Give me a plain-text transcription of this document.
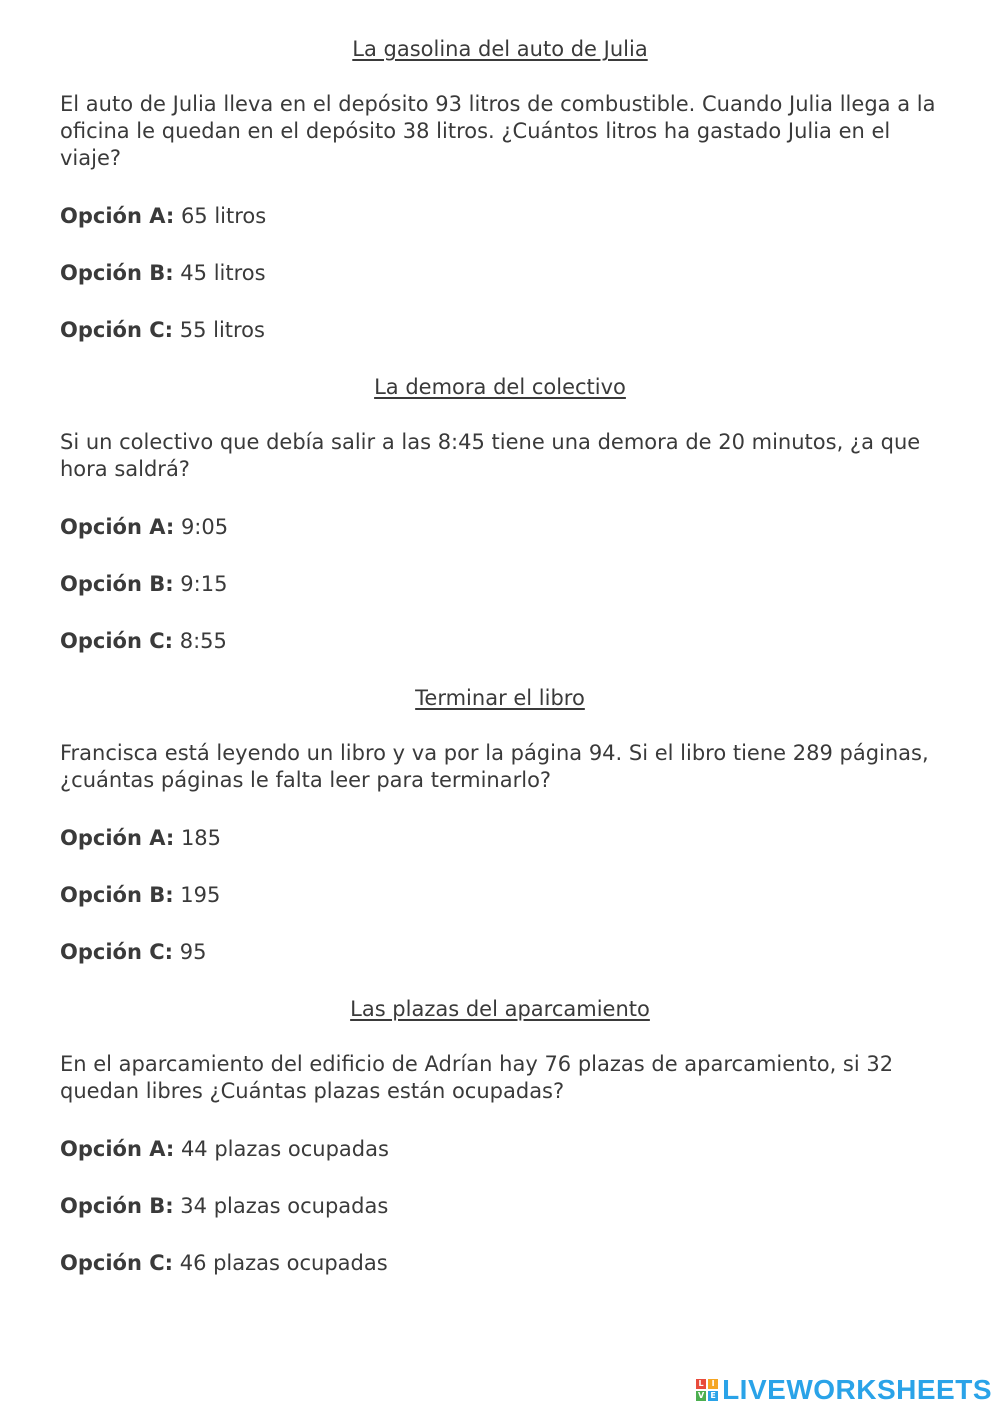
La gasolina del auto de Julia
El auto de Julia lleva en el depósito 93 litros de combustible. Cuando Julia llega a la oficina le quedan en el depósito 38 litros. ¿Cuántos litros ha gastado Julia en el viaje?
Opción A: 65 litros
Opción B: 45 litros
Opción C: 55 litros
La demora del colectivo
Si un colectivo que debía salir a las 8:45 tiene una demora de 20 minutos, ¿a que hora saldrá?
Opción A: 9:05
Opción B: 9:15
Opción C: 8:55
Terminar el libro
Francisca está leyendo un libro y va por la página 94. Si el libro tiene 289 páginas, ¿cuántas páginas le falta leer para terminarlo?
Opción A: 185
Opción B: 195
Opción C: 95
Las plazas del aparcamiento
En el aparcamiento del edificio de Adrían hay 76 plazas de aparcamiento, si 32 quedan libres ¿Cuántas plazas están ocupadas?
Opción A: 44 plazas ocupadas
Opción B: 34 plazas ocupadas
Opción C: 46 plazas ocupadas
L I
V E LIVEWORKSHEETS
